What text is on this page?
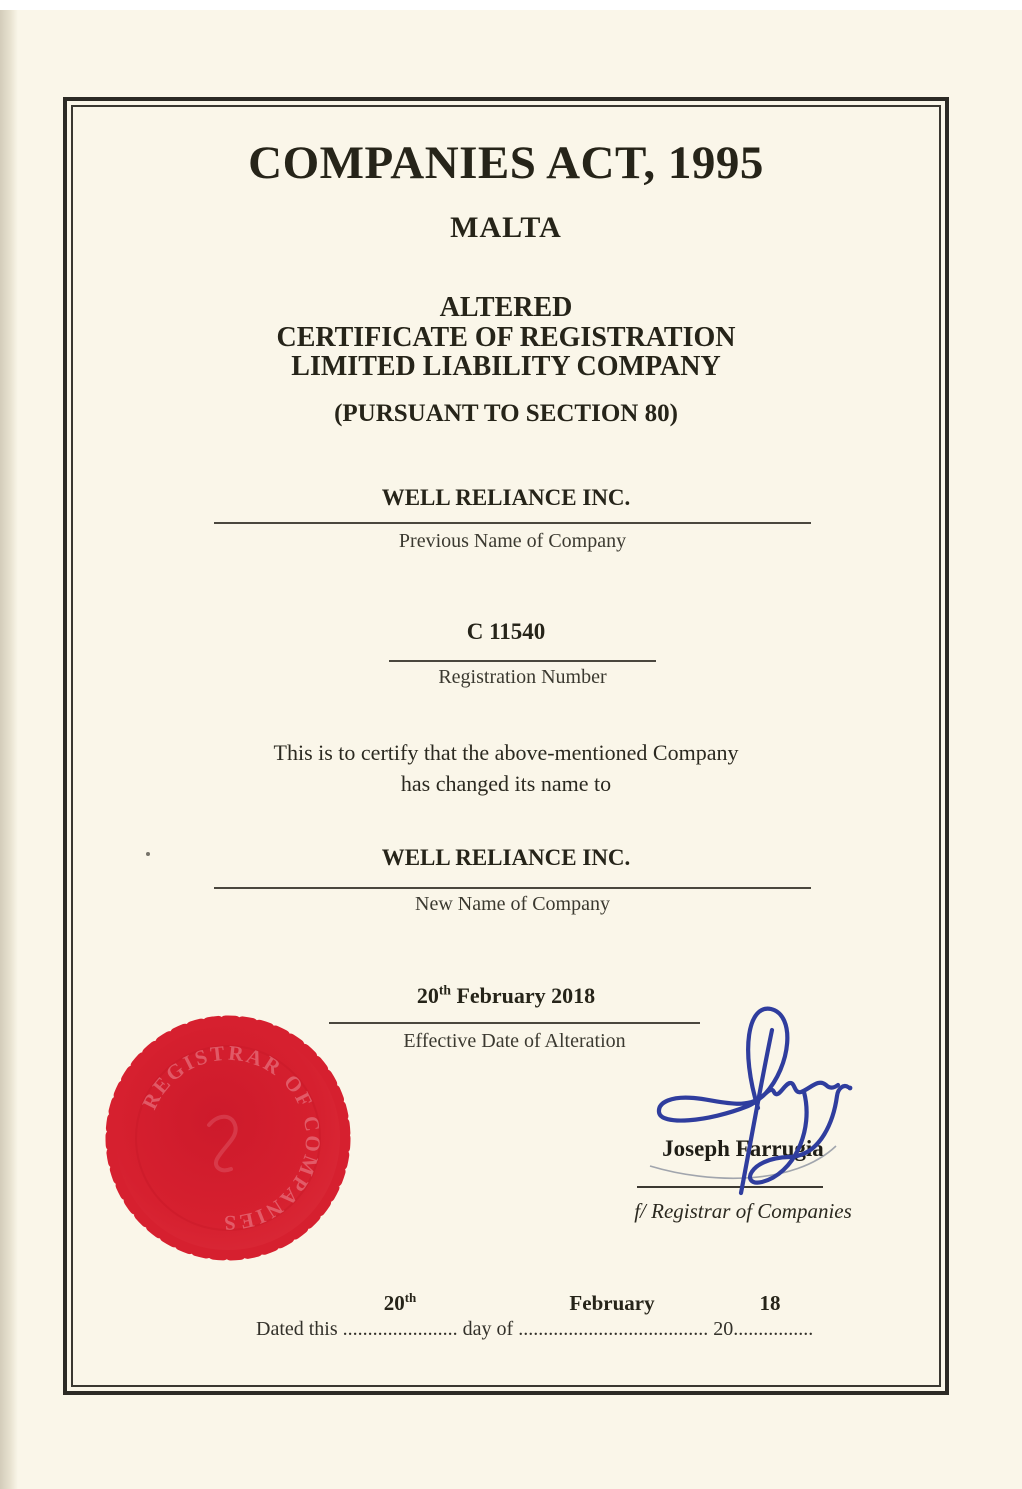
COMPANIES ACT, 1995
MALTA
ALTERED
CERTIFICATE OF REGISTRATION
LIMITED LIABILITY COMPANY
(PURSUANT TO SECTION 80)
WELL RELIANCE INC.
Previous Name of Company
C 11540
Registration Number
This is to certify that the above-mentioned Company
has changed its name to
WELL RELIANCE INC.
New Name of Company
20th February 2018
Effective Date of Alteration
REGISTRAR OF COMPANIES
Joseph Farrugia
f/ Registrar of Companies
20th	February	18
Dated this ....................... day of ...................................... 20................
